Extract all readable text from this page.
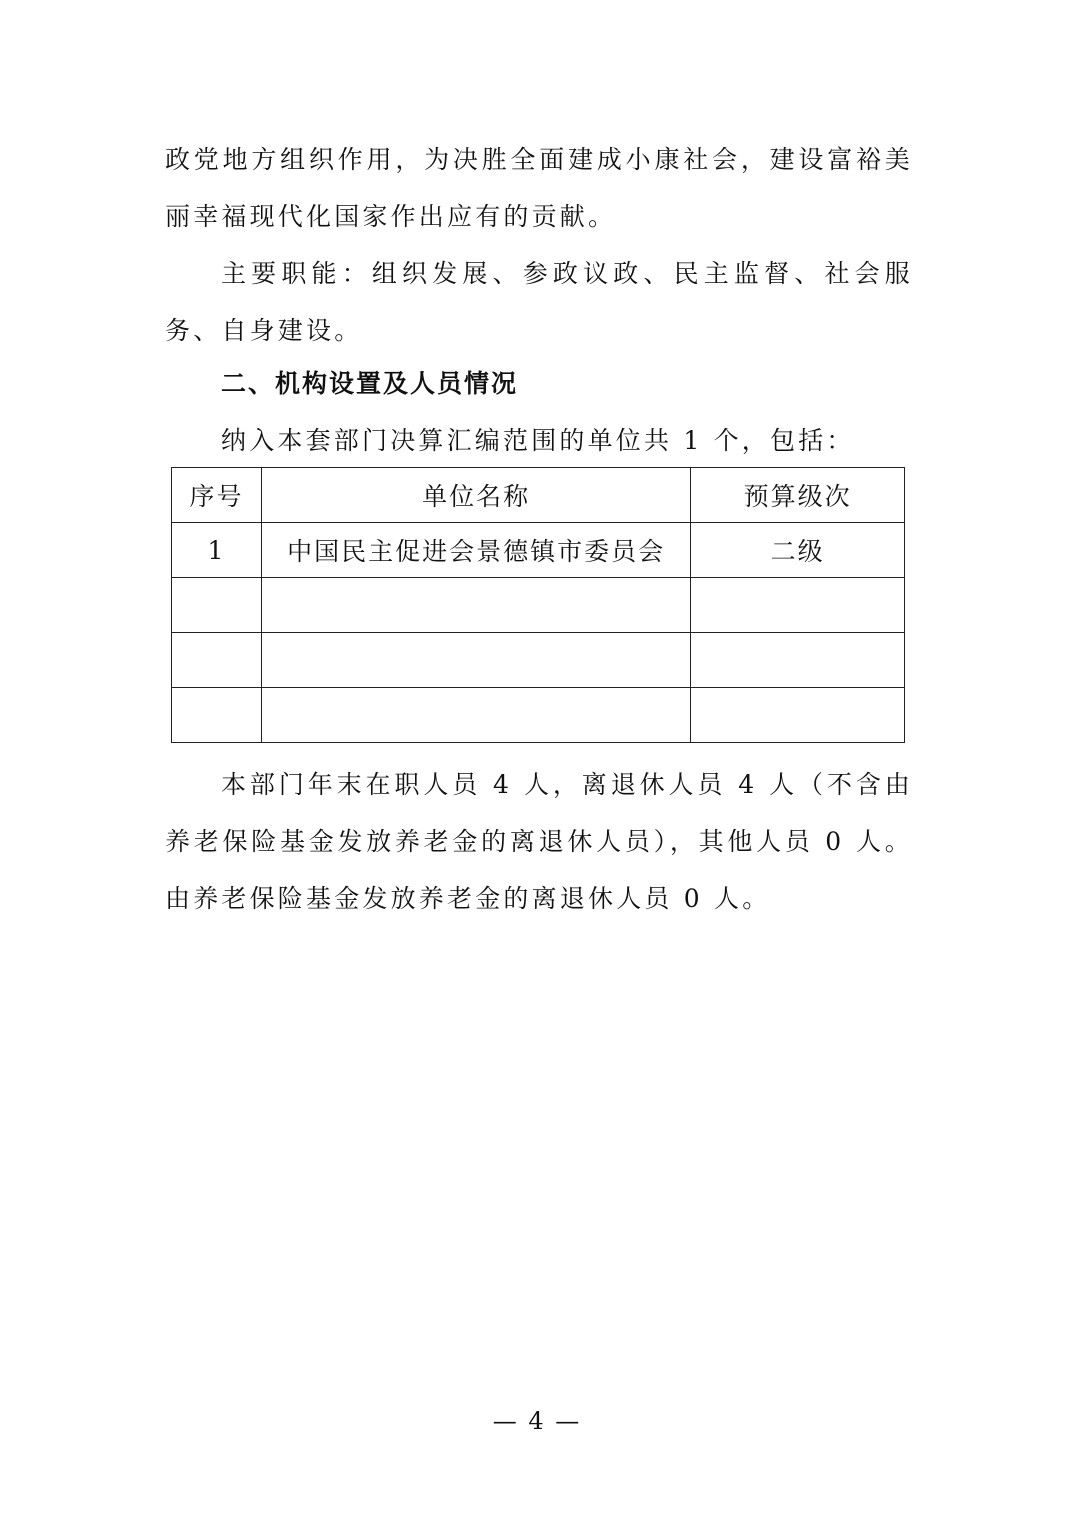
政党地方组织作用，为决胜全面建成小康社会，建设富裕美丽幸福现代化国家作出应有的贡献。

主要职能：组织发展、参政议政、民主监督、社会服务、自身建设。

二、机构设置及人员情况

纳入本套部门决算汇编范围的单位共 1 个，包括：

序号	单位名称	预算级次
1	中国民主促进会景德镇市委员会	二级

本部门年末在职人员 4 人，离退休人员 4 人（不含由养老保险基金发放养老金的离退休人员），其他人员 0 人。由养老保险基金发放养老金的离退休人员 0 人。

— 4 —
